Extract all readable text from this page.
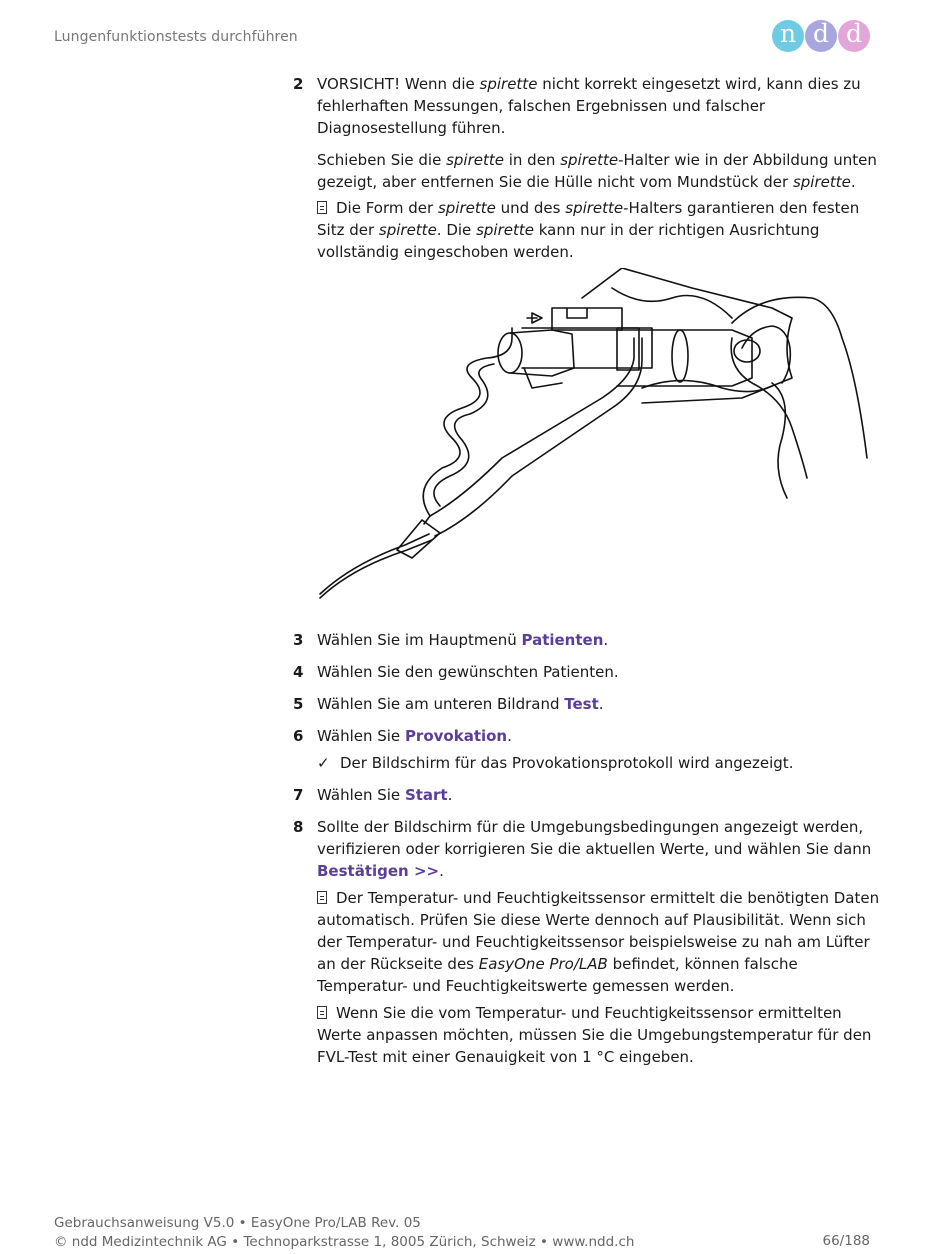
Lungenfunktionstests durchführen	n d d
2 VORSICHT! Wenn die spirette nicht korrekt eingesetzt wird, kann dies zu fehlerhaften Messungen, falschen Ergebnissen und falscher Diagnosestellung führen.
Schieben Sie die spirette in den spirette-Halter wie in der Abbildung unten gezeigt, aber entfernen Sie die Hülle nicht vom Mundstück der spirette.
Die Form der spirette und des spirette-Halters garantieren den festen Sitz der spirette. Die spirette kann nur in der richtigen Ausrichtung vollständig eingeschoben werden.
3 Wählen Sie im Hauptmenü Patienten.
4 Wählen Sie den gewünschten Patienten.
5 Wählen Sie am unteren Bildrand Test.
6 Wählen Sie Provokation.
✓ Der Bildschirm für das Provokationsprotokoll wird angezeigt.
7 Wählen Sie Start.
8 Sollte der Bildschirm für die Umgebungsbedingungen angezeigt werden, verifizieren oder korrigieren Sie die aktuellen Werte, und wählen Sie dann Bestätigen >>.
Der Temperatur- und Feuchtigkeitssensor ermittelt die benötigten Daten automatisch. Prüfen Sie diese Werte dennoch auf Plausibilität. Wenn sich der Temperatur- und Feuchtigkeitssensor beispielsweise zu nah am Lüfter an der Rückseite des EasyOne Pro/LAB befindet, können falsche Temperatur- und Feuchtigkeitswerte gemessen werden.
Wenn Sie die vom Temperatur- und Feuchtigkeitssensor ermittelten Werte anpassen möchten, müssen Sie die Umgebungstemperatur für den FVL-Test mit einer Genauigkeit von 1 °C eingeben.
Gebrauchsanweisung V5.0 • EasyOne Pro/LAB Rev. 05
© ndd Medizintechnik AG • Technoparkstrasse 1, 8005 Zürich, Schweiz • www.ndd.ch	66/188
